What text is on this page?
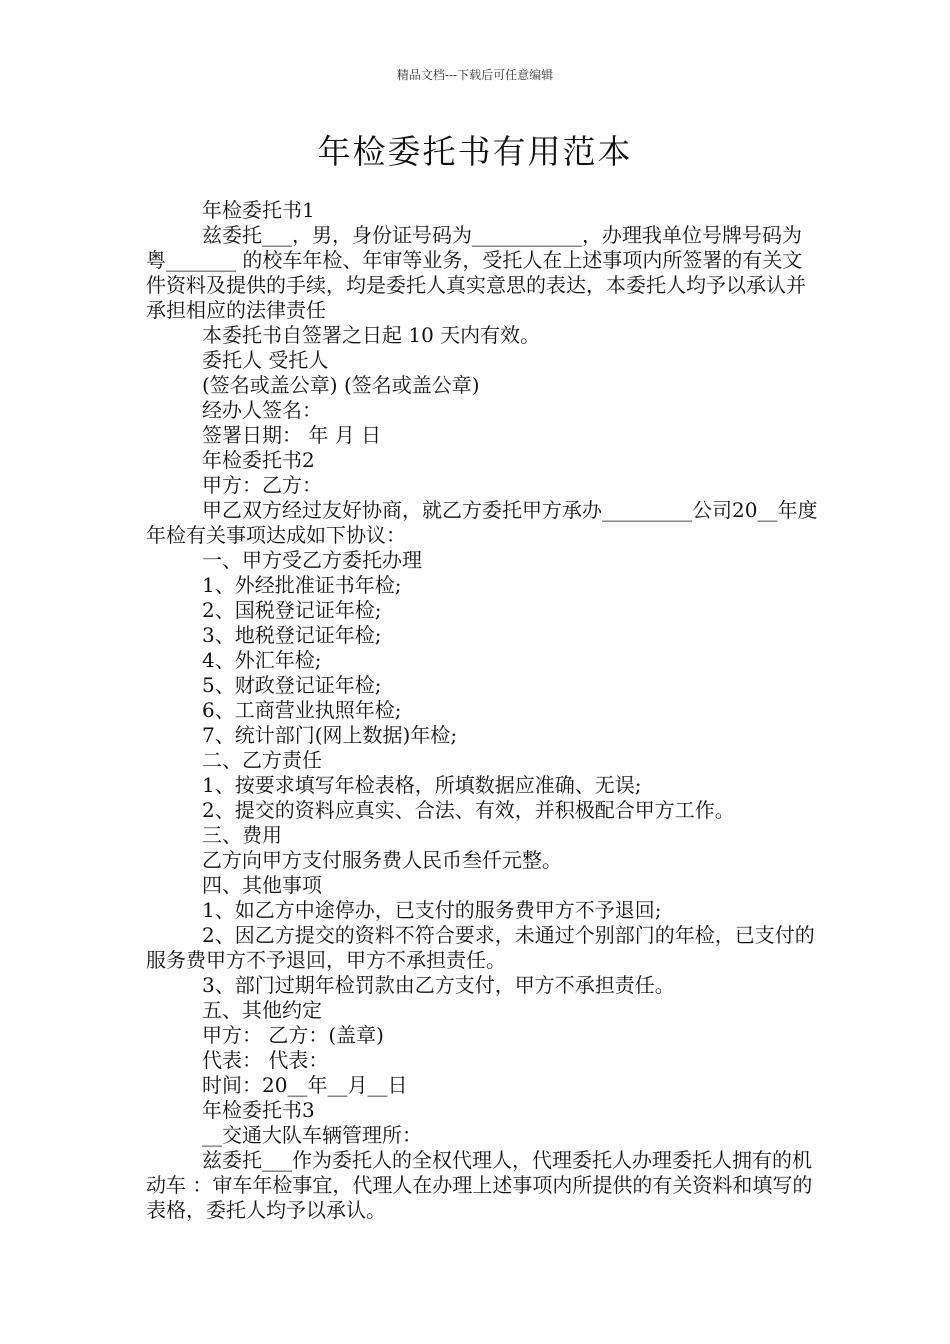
精品文档---下载后可任意编辑
年检委托书有用范本

年检委托书1

兹委托___，男，身份证号码为___________，办理我单位号牌号码为 粤_______ 的校车年检、年审等业务，受托人在上述事项内所签署的有关文件资料及提供的手续，均是委托人真实意思的表达，本委托人均予以承认并承担相应的法律责任

本委托书自签署之日起 10 天内有效。

委托人 受托人

(签名或盖公章) (签名或盖公章)

经办人签名：

签署日期： 年 月 日

年检委托书2

甲方：乙方：

甲乙双方经过友好协商，就乙方委托甲方承办_________公司20__年度年检有关事项达成如下协议：

一、甲方受乙方委托办理

1、外经批准证书年检;

2、国税登记证年检;

3、地税登记证年检;

4、外汇年检;

5、财政登记证年检;

6、工商营业执照年检;

7、统计部门(网上数据)年检;

二、乙方责任

1、按要求填写年检表格，所填数据应准确、无误;

2、提交的资料应真实、合法、有效，并积极配合甲方工作。

三、费用

乙方向甲方支付服务费人民币叁仟元整。

四、其他事项

1、如乙方中途停办，已支付的服务费甲方不予退回;

2、因乙方提交的资料不符合要求，未通过个别部门的年检，已支付的服务费甲方不予退回，甲方不承担责任。

3、部门过期年检罚款由乙方支付，甲方不承担责任。

五、其他约定

甲方： 乙方：(盖章)

代表： 代表：

时间：20__年__月__日

年检委托书3

__交通大队车辆管理所：

兹委托___作为委托人的全权代理人，代理委托人办理委托人拥有的机动车 ：审车年检事宜，代理人在办理上述事项内所提供的有关资料和填写的表格，委托人均予以承认。
